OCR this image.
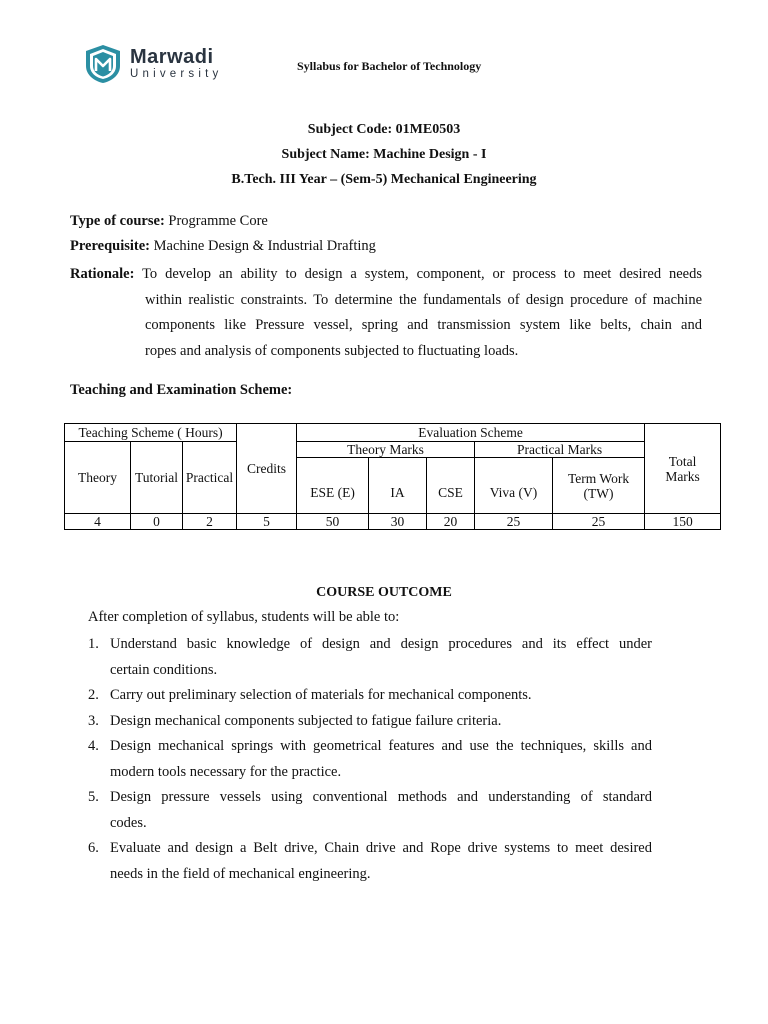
Marwadi
University
Syllabus for Bachelor of Technology
Subject Code: 01ME0503
Subject Name: Machine Design - I
B.Tech. III Year – (Sem-5) Mechanical Engineering
Type of course: Programme Core
Prerequisite: Machine Design & Industrial Drafting
Rationale: To develop an ability to design a system, component, or process to meet desired needs
within realistic constraints. To determine the fundamentals of design procedure of machine
components like Pressure vessel, spring and transmission system like belts, chain and
ropes and analysis of components subjected to fluctuating loads.
Teaching and Examination Scheme:
Teaching Scheme ( Hours)			Credits	Evaluation Scheme					Total Marks
Theory	Tutorial	Practical		Theory Marks			Practical Marks		
				ESE (E)	IA	CSE	Viva (V)	Term Work (TW)	
4	0	2	5	50	30	20	25	25	150
COURSE OUTCOME
After completion of syllabus, students will be able to:
1. Understand basic knowledge of design and design procedures and its effect under
certain conditions.
2. Carry out preliminary selection of materials for mechanical components.
3. Design mechanical components subjected to fatigue failure criteria.
4. Design mechanical springs with geometrical features and use the techniques, skills and
modern tools necessary for the practice.
5. Design pressure vessels using conventional methods and understanding of standard
codes.
6. Evaluate and design a Belt drive, Chain drive and Rope drive systems to meet desired
needs in the field of mechanical engineering.
